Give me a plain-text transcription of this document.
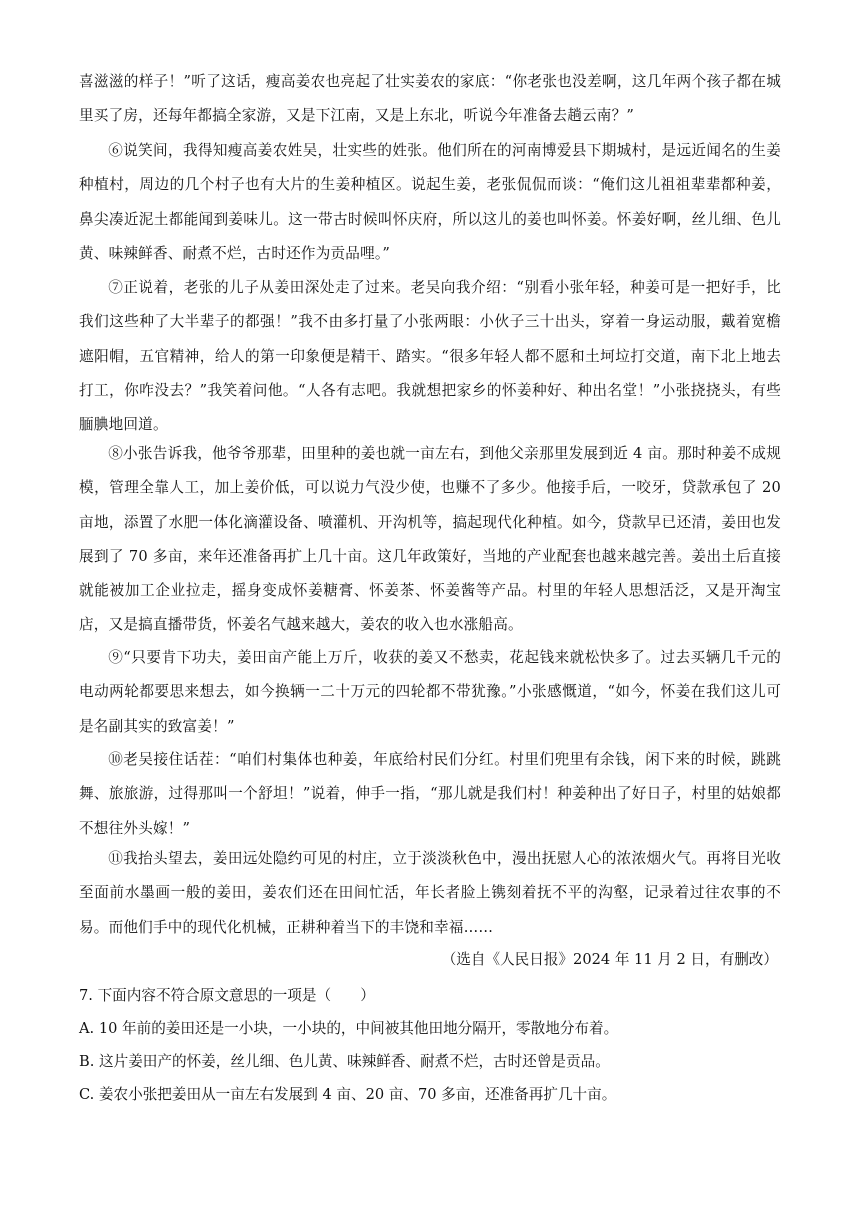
喜滋滋的样子！”听了这话，瘦高姜农也亮起了壮实姜农的家底：“你老张也没差啊，这几年两个孩子都在城里买了房，还每年都搞全家游，又是下江南，又是上东北，听说今年准备去趟云南？”

⑥说笑间，我得知瘦高姜农姓吴，壮实些的姓张。他们所在的河南博爱县下期城村，是远近闻名的生姜种植村，周边的几个村子也有大片的生姜种植区。说起生姜，老张侃侃而谈：“俺们这儿祖祖辈辈都种姜，鼻尖凑近泥土都能闻到姜味儿。这一带古时候叫怀庆府，所以这儿的姜也叫怀姜。怀姜好啊，丝儿细、色儿黄、味辣鲜香、耐煮不烂，古时还作为贡品哩。”

⑦正说着，老张的儿子从姜田深处走了过来。老吴向我介绍：“别看小张年轻，种姜可是一把好手，比我们这些种了大半辈子的都强！”我不由多打量了小张两眼：小伙子三十出头，穿着一身运动服，戴着宽檐遮阳帽，五官精神，给人的第一印象便是精干、踏实。“很多年轻人都不愿和土坷垃打交道，南下北上地去打工，你咋没去？”我笑着问他。“人各有志吧。我就想把家乡的怀姜种好、种出名堂！”小张挠挠头，有些腼腆地回道。

⑧小张告诉我，他爷爷那辈，田里种的姜也就一亩左右，到他父亲那里发展到近 4 亩。那时种姜不成规模，管理全靠人工，加上姜价低，可以说力气没少使，也赚不了多少。他接手后，一咬牙，贷款承包了 20 亩地，添置了水肥一体化滴灌设备、喷灌机、开沟机等，搞起现代化种植。如今，贷款早已还清，姜田也发展到了 70 多亩，来年还准备再扩上几十亩。这几年政策好，当地的产业配套也越来越完善。姜出土后直接就能被加工企业拉走，摇身变成怀姜糖膏、怀姜茶、怀姜酱等产品。村里的年轻人思想活泛，又是开淘宝店，又是搞直播带货，怀姜名气越来越大，姜农的收入也水涨船高。

⑨“只要肯下功夫，姜田亩产能上万斤，收获的姜又不愁卖，花起钱来就松快多了。过去买辆几千元的电动两轮都要思来想去，如今换辆一二十万元的四轮都不带犹豫。”小张感慨道，“如今，怀姜在我们这儿可是名副其实的致富姜！”

⑩老吴接住话茬：“咱们村集体也种姜，年底给村民们分红。村里们兜里有余钱，闲下来的时候，跳跳舞、旅旅游，过得那叫一个舒坦！”说着，伸手一指，“那儿就是我们村！种姜种出了好日子，村里的姑娘都不想往外头嫁！”

⑪我抬头望去，姜田远处隐约可见的村庄，立于淡淡秋色中，漫出抚慰人心的浓浓烟火气。再将目光收至面前水墨画一般的姜田，姜农们还在田间忙活，年长者脸上镌刻着抚不平的沟壑，记录着过往农事的不易。而他们手中的现代化机械，正耕种着当下的丰饶和幸福……

（选自《人民日报》2024 年 11 月 2 日，有删改）

7. 下面内容不符合原文意思的一项是（　　）

A. 10 年前的姜田还是一小块，一小块的，中间被其他田地分隔开，零散地分布着。

B. 这片姜田产的怀姜，丝儿细、色儿黄、味辣鲜香、耐煮不烂，古时还曾是贡品。

C. 姜农小张把姜田从一亩左右发展到 4 亩、20 亩、70 多亩，还准备再扩几十亩。
